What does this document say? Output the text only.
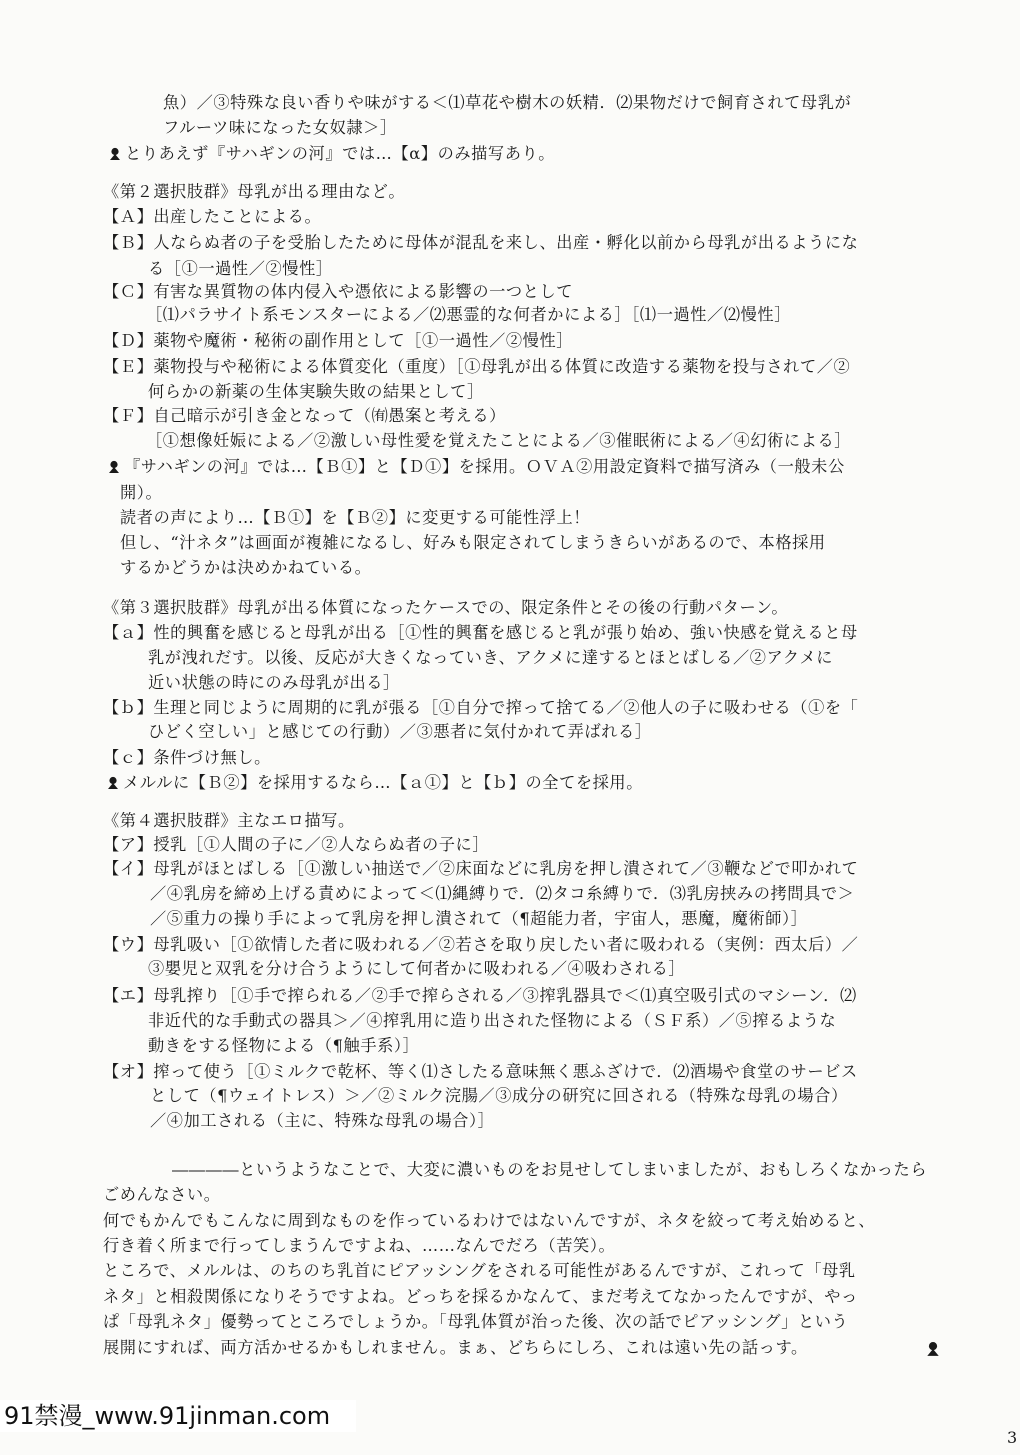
魚）／③特殊な良い香りや味がする＜⑴草花や樹木の妖精．⑵果物だけで飼育されて母乳が
フルーツ味になった女奴隷＞］
とりあえず『サハギンの河』では…【α】のみ描写あり。
《第２選択肢群》母乳が出る理由など。
【Ａ】出産したことによる。
【Ｂ】人ならぬ者の子を受胎したために母体が混乱を来し、出産・孵化以前から母乳が出るようにな
る［①一過性／②慢性］
【Ｃ】有害な異質物の体内侵入や憑依による影響の一つとして
［⑴パラサイト系モンスターによる／⑵悪霊的な何者かによる］［⑴一過性／⑵慢性］
【Ｄ】薬物や魔術・秘術の副作用として［①一過性／②慢性］
【Ｅ】薬物投与や秘術による体質変化（重度）［①母乳が出る体質に改造する薬物を投与されて／②
何らかの新薬の生体実験失敗の結果として］
【Ｆ】自己暗示が引き金となって（㈲愚案と考える）
［①想像妊娠による／②激しい母性愛を覚えたことによる／③催眠術による／④幻術による］
『サハギンの河』では…【Ｂ①】と【Ｄ①】を採用。ＯＶＡ②用設定資料で描写済み（一般未公
開）。
読者の声により…【Ｂ①】を【Ｂ②】に変更する可能性浮上！
但し、“汁ネタ”は画面が複雑になるし、好みも限定されてしまうきらいがあるので、本格採用
するかどうかは決めかねている。
《第３選択肢群》母乳が出る体質になったケースでの、限定条件とその後の行動パターン。
【ａ】性的興奮を感じると母乳が出る［①性的興奮を感じると乳が張り始め、強い快感を覚えると母
乳が洩れだす。以後、反応が大きくなっていき、アクメに達するとほとばしる／②アクメに
近い状態の時にのみ母乳が出る］
【ｂ】生理と同じように周期的に乳が張る［①自分で搾って捨てる／②他人の子に吸わせる（①を「
ひどく空しい」と感じての行動）／③悪者に気付かれて弄ばれる］
【ｃ】条件づけ無し。
メルルに【Ｂ②】を採用するなら…【ａ①】と【ｂ】の全てを採用。
《第４選択肢群》主なエロ描写。
【ア】授乳［①人間の子に／②人ならぬ者の子に］
【イ】母乳がほとばしる［①激しい抽送で／②床面などに乳房を押し潰されて／③鞭などで叩かれて
／④乳房を締め上げる責めによって＜⑴縄縛りで．⑵タコ糸縛りで．⑶乳房挟みの拷問具で＞
／⑤重力の操り手によって乳房を押し潰されて（¶超能力者，宇宙人，悪魔，魔術師）］
【ウ】母乳吸い［①欲情した者に吸われる／②若さを取り戻したい者に吸われる（実例：西太后）／
③嬰児と双乳を分け合うようにして何者かに吸われる／④吸わされる］
【エ】母乳搾り［①手で搾られる／②手で搾らされる／③搾乳器具で＜⑴真空吸引式のマシーン．⑵
非近代的な手動式の器具＞／④搾乳用に造り出された怪物による（ＳＦ系）／⑤搾るような
動きをする怪物による（¶触手系）］
【オ】搾って使う［①ミルクで乾杯、等く⑴さしたる意味無く悪ふざけで．⑵酒場や食堂のサービス
として（¶ウェイトレス）＞／②ミルク浣腸／③成分の研究に回される（特殊な母乳の場合）
／④加工される（主に、特殊な母乳の場合）］
――――というようなことで、大変に濃いものをお見せしてしまいましたが、おもしろくなかったら
ごめんなさい。
何でもかんでもこんなに周到なものを作っているわけではないんですが、ネタを絞って考え始めると、
行き着く所まで行ってしまうんですよね、……なんでだろ（苦笑）。
ところで、メルルは、のちのち乳首にピアッシングをされる可能性があるんですが、これって「母乳
ネタ」と相殺関係になりそうですよね。どっちを採るかなんて、まだ考えてなかったんですが、やっ
ぱ「母乳ネタ」優勢ってところでしょうか。「母乳体質が治った後、次の話でピアッシング」という
展開にすれば、両方活かせるかもしれません。まぁ、どちらにしろ、これは遠い先の話っす。
91禁漫_www.91jinman.com
3
